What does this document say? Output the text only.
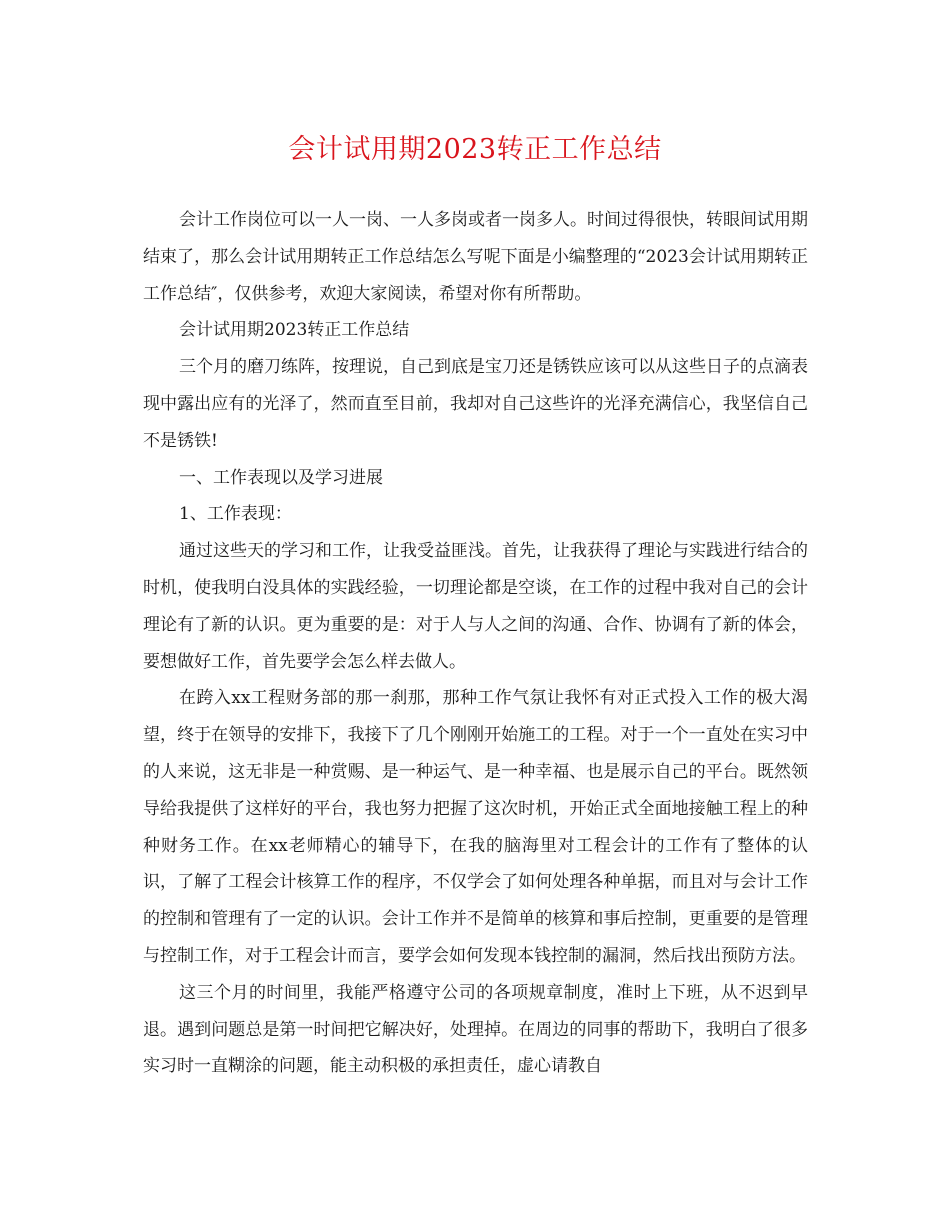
会计试用期2023转正工作总结

会计工作岗位可以一人一岗、一人多岗或者一岗多人。时间过得很快，转眼间试用期结束了，那么会计试用期转正工作总结怎么写呢下面是小编整理的“2023会计试用期转正工作总结″，仅供参考，欢迎大家阅读，希望对你有所帮助。

会计试用期2023转正工作总结

三个月的磨刀练阵，按理说，自己到底是宝刀还是锈铁应该可以从这些日子的点滴表现中露出应有的光泽了，然而直至目前，我却对自己这些许的光泽充满信心，我坚信自己不是锈铁!

一、工作表现以及学习进展

1、工作表现：

通过这些天的学习和工作，让我受益匪浅。首先，让我获得了理论与实践进行结合的时机，使我明白没具体的实践经验，一切理论都是空谈，在工作的过程中我对自己的会计理论有了新的认识。更为重要的是：对于人与人之间的沟通、合作、协调有了新的体会，要想做好工作，首先要学会怎么样去做人。

在跨入xx工程财务部的那一刹那，那种工作气氛让我怀有对正式投入工作的极大渴望，终于在领导的安排下，我接下了几个刚刚开始施工的工程。对于一个一直处在实习中的人来说，这无非是一种赏赐、是一种运气、是一种幸福、也是展示自己的平台。既然领导给我提供了这样好的平台，我也努力把握了这次时机，开始正式全面地接触工程上的种种财务工作。在xx老师精心的辅导下，在我的脑海里对工程会计的工作有了整体的认识，了解了工程会计核算工作的程序，不仅学会了如何处理各种单据，而且对与会计工作的控制和管理有了一定的认识。会计工作并不是简单的核算和事后控制，更重要的是管理与控制工作，对于工程会计而言，要学会如何发现本钱控制的漏洞，然后找出预防方法。

这三个月的时间里，我能严格遵守公司的各项规章制度，准时上下班，从不迟到早退。遇到问题总是第一时间把它解决好，处理掉。在周边的同事的帮助下，我明白了很多实习时一直糊涂的问题，能主动积极的承担责任，虚心请教自
